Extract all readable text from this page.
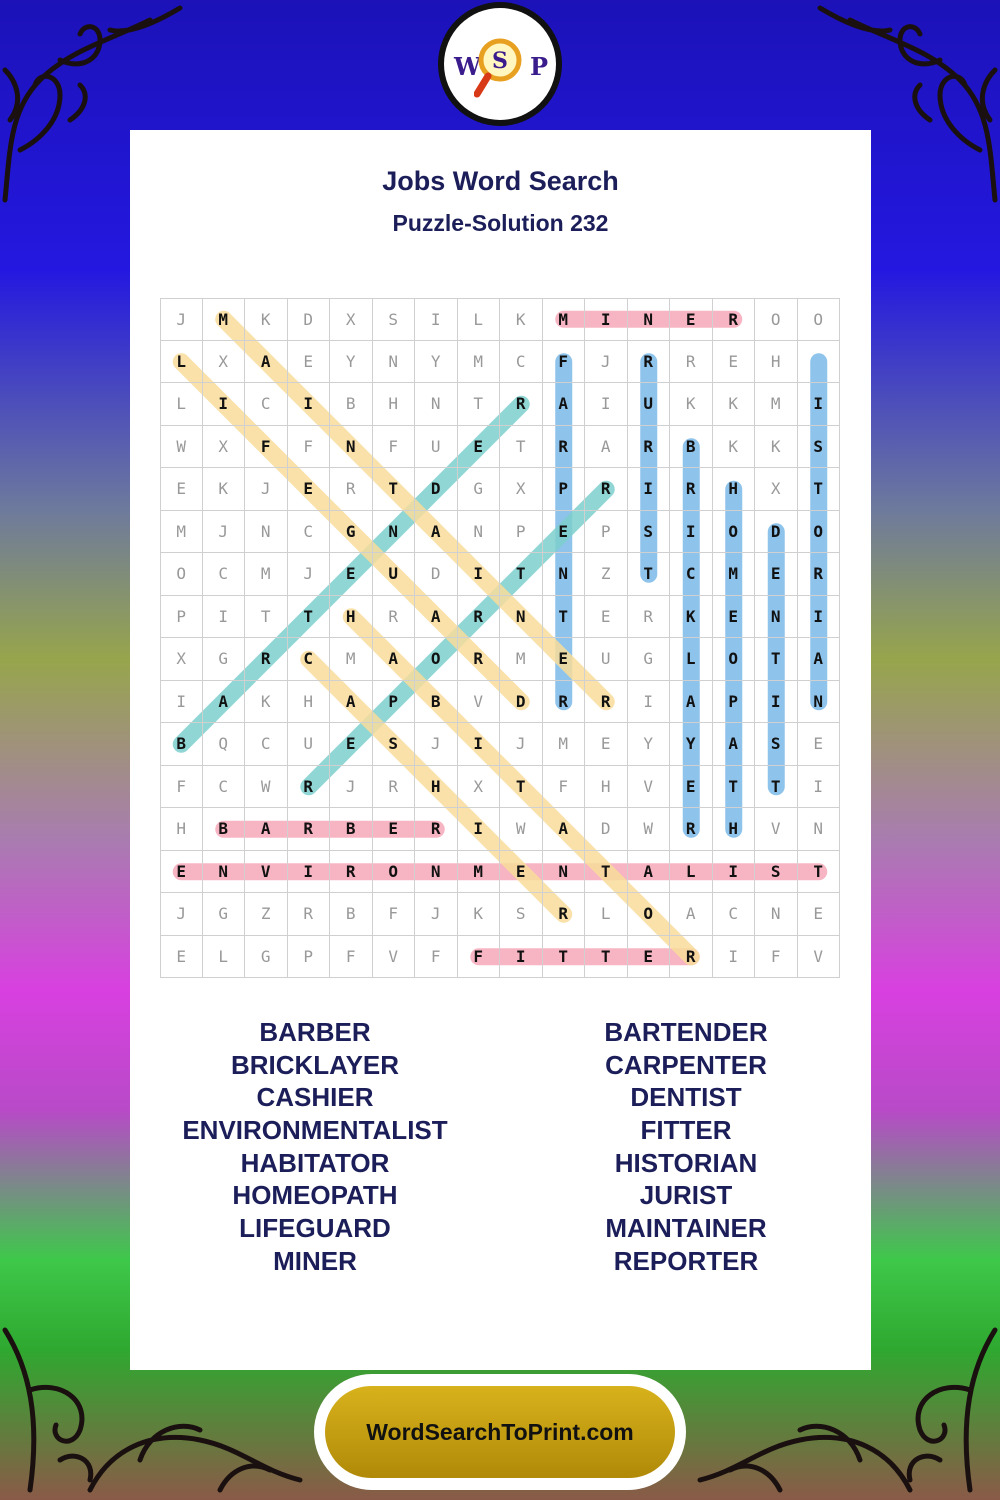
W S P
Jobs Word Search
Puzzle-Solution 232
J	M	K	D	X	S	I	L	K	M	I	N	E	R	O	O
L	X	A	E	Y	N	Y	M	C	F	J	R	R	E	H
L	I	C	I	B	H	N	T	R	A	I	U	K	K	M	I
W	X	F	F	N	F	U	E	T	R	A	R	B	K	K	S
E	K	J	E	R	T	D	G	X	P	R	I	R	H	X	T
M	J	N	C	G	N	A	N	P	E	P	S	I	O	D	O
O	C	M	J	E	U	D	I	T	N	Z	T	C	M	E	R
P	I	T	T	H	R	A	R	N	T	E	R	K	E	N	I
X	G	R	C	M	A	O	R	M	E	U	G	L	O	T	A
I	A	K	H	A	P	B	V	D	R	R	I	A	P	I	N
B	Q	C	U	E	S	J	I	J	M	E	Y	Y	A	S	E
F	C	W	R	J	R	H	X	T	F	H	V	E	T	T	I
H	B	A	R	B	E	R	I	W	A	D	W	R	H	V	N
E	N	V	I	R	O	N	M	E	N	T	A	L	I	S	T
J	G	Z	R	B	F	J	K	S	R	L	O	A	C	N	E
E	L	G	P	F	V	F	F	I	T	T	E	R	I	F	V
BARBER
BRICKLAYER
CASHIER
ENVIRONMENTALIST
HABITATOR
HOMEOPATH
LIFEGUARD
MINER
BARTENDER
CARPENTER
DENTIST
FITTER
HISTORIAN
JURIST
MAINTAINER
REPORTER
WordSearchToPrint.com
